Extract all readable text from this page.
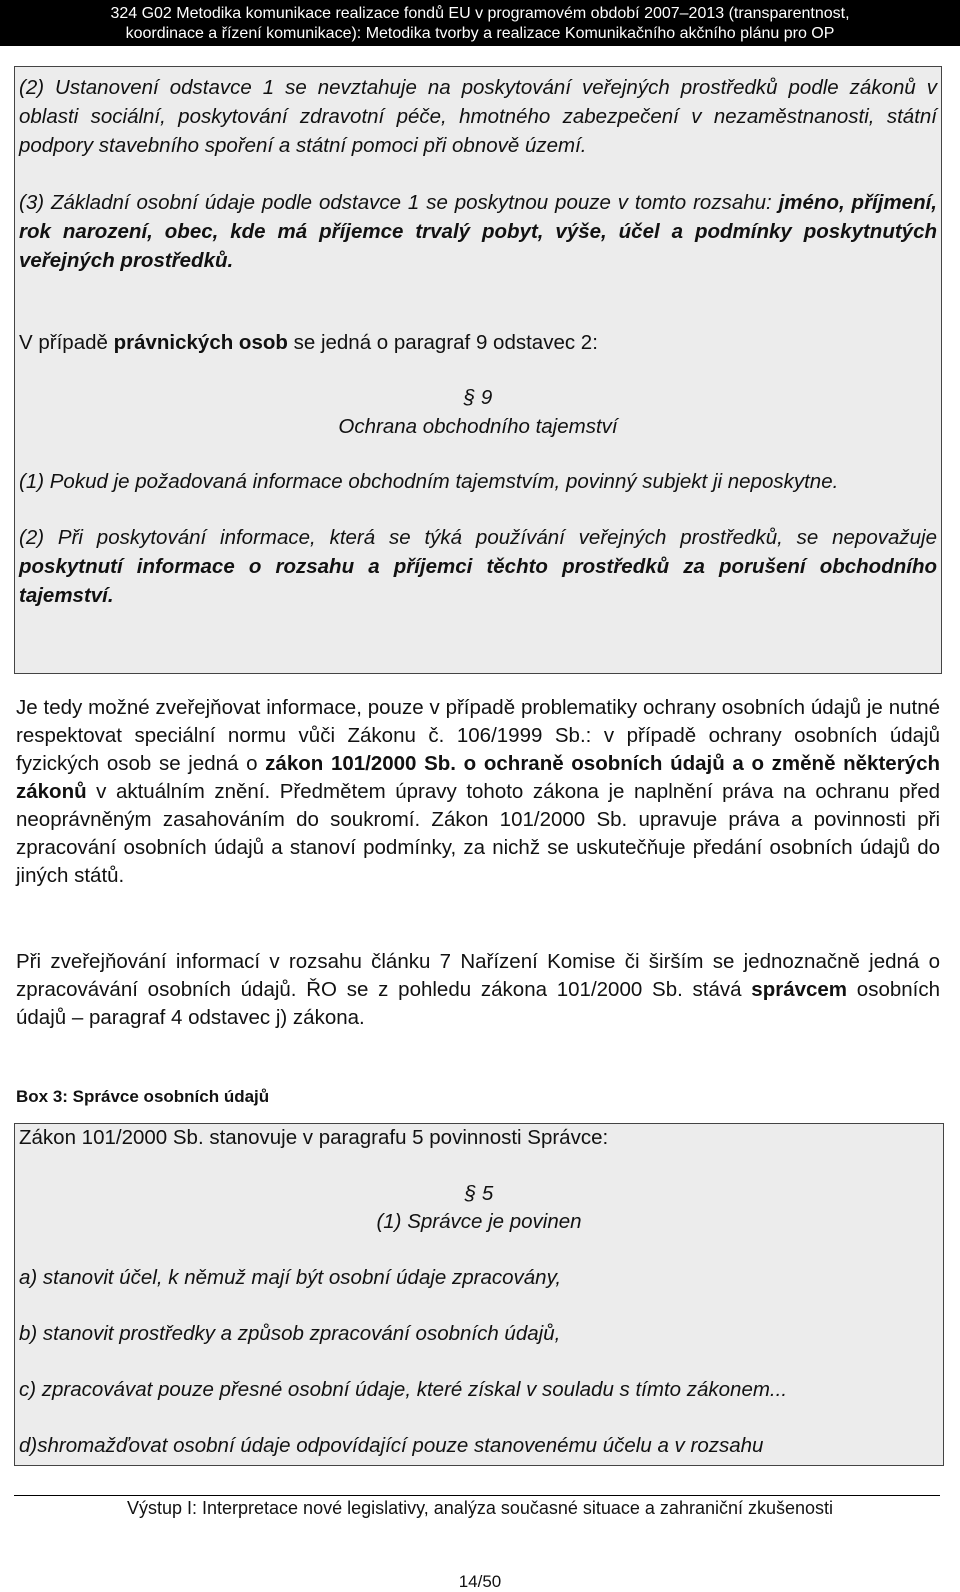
324 G02 Metodika komunikace realizace fondů EU v programovém období 2007–2013 (transparentnost,
koordinace a řízení komunikace): Metodika tvorby a realizace Komunikačního akčního plánu pro OP

(2) Ustanovení odstavce 1 se nevztahuje na poskytování veřejných prostředků podle zákonů v oblasti sociální, poskytování zdravotní péče, hmotného zabezpečení v nezaměstnanosti, státní podpory stavebního spoření a státní pomoci při obnově území.

(3) Základní osobní údaje podle odstavce 1 se poskytnou pouze v tomto rozsahu: jméno, příjmení, rok narození, obec, kde má příjemce trvalý pobyt, výše, účel a podmínky poskytnutých veřejných prostředků.

V případě právnických osob se jedná o paragraf 9 odstavec 2:

§ 9

Ochrana obchodního tajemství

(1) Pokud je požadovaná informace obchodním tajemstvím, povinný subjekt ji neposkytne.

(2) Při poskytování informace, která se týká používání veřejných prostředků, se nepovažuje poskytnutí informace o rozsahu a příjemci těchto prostředků za porušení obchodního tajemství.

Je tedy možné zveřejňovat informace, pouze v případě problematiky ochrany osobních údajů je nutné respektovat speciální normu vůči Zákonu č. 106/1999 Sb.: v případě ochrany osobních údajů fyzických osob se jedná o zákon 101/2000 Sb. o ochraně osobních údajů a o změně některých zákonů v aktuálním znění. Předmětem úpravy tohoto zákona je naplnění práva na ochranu před neoprávněným zasahováním do soukromí. Zákon 101/2000 Sb. upravuje práva a povinnosti při zpracování osobních údajů a stanoví podmínky, za nichž se uskutečňuje předání osobních údajů do jiných států.

Při zveřejňování informací v rozsahu článku 7 Nařízení Komise či širším se jednoznačně jedná o zpracovávání osobních údajů. ŘO se z pohledu zákona 101/2000 Sb. stává správcem osobních údajů – paragraf 4 odstavec j) zákona.

Box 3: Správce osobních údajů

Zákon 101/2000 Sb. stanovuje v paragrafu 5 povinnosti Správce:

§ 5

(1) Správce je povinen

a) stanovit účel, k němuž mají být osobní údaje zpracovány,

b) stanovit prostředky a způsob zpracování osobních údajů,

c) zpracovávat pouze přesné osobní údaje, které získal v souladu s tímto zákonem...

d)shromažďovat osobní údaje odpovídající pouze stanovenému účelu a v rozsahu

Výstup I: Interpretace nové legislativy, analýza současné situace a zahraniční zkušenosti
14/50
